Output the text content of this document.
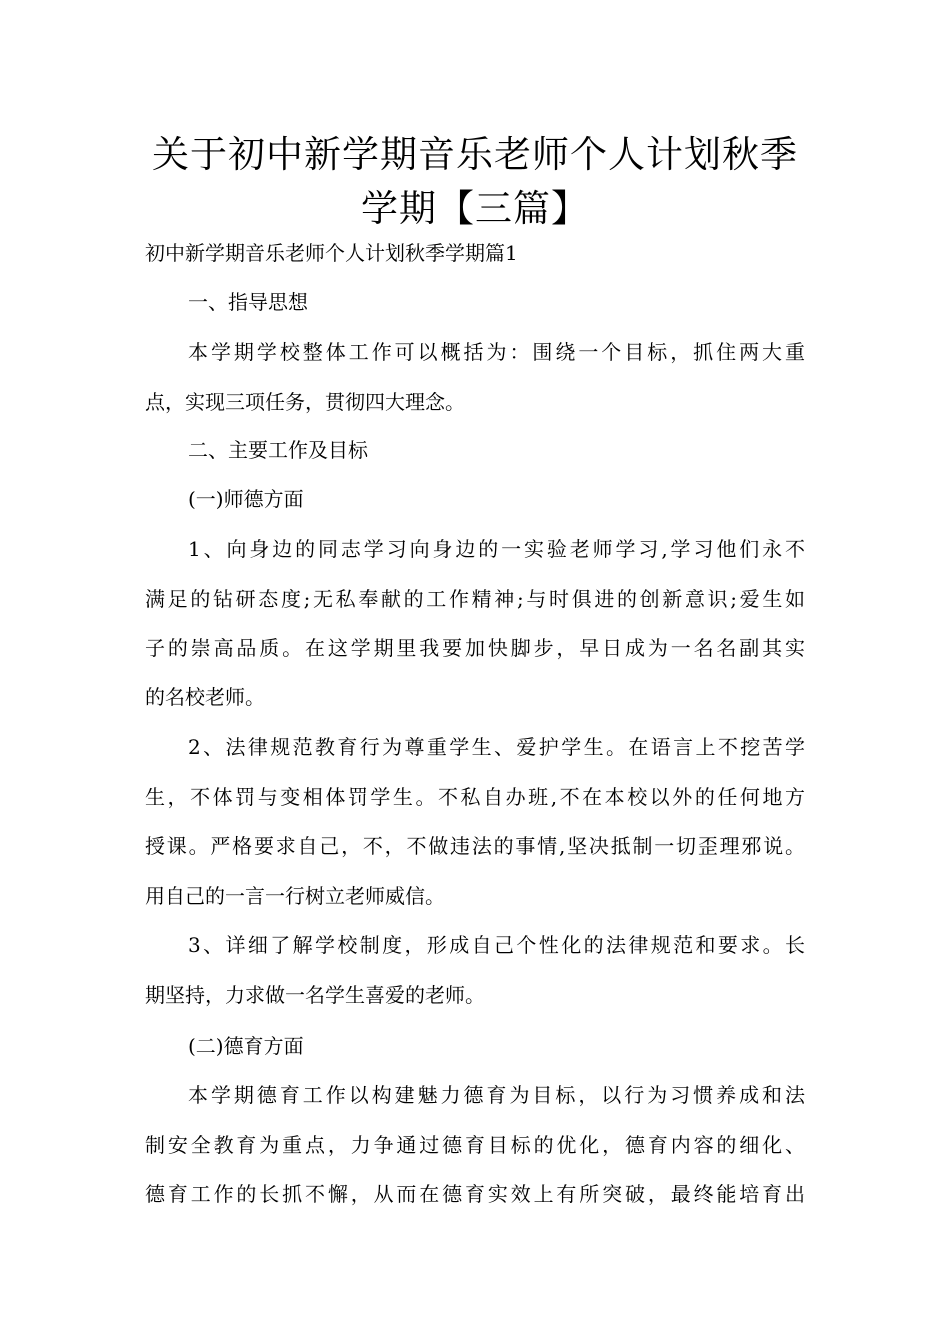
关于初中新学期音乐老师个人计划秋季
学期【三篇】

初中新学期音乐老师个人计划秋季学期篇1

一、指导思想

本学期学校整体工作可以概括为：围绕一个目标，抓住两大重

点，实现三项任务，贯彻四大理念。

二、主要工作及目标

(一)师德方面

1、向身边的同志学习向身边的一实验老师学习,学习他们永不

满足的钻研态度;无私奉献的工作精神;与时俱进的创新意识;爱生如

子的崇高品质。在这学期里我要加快脚步，早日成为一名名副其实

的名校老师。

2、法律规范教育行为尊重学生、爱护学生。在语言上不挖苦学

生，不体罚与变相体罚学生。不私自办班,不在本校以外的任何地方

授课。严格要求自己，不，不做违法的事情,坚决抵制一切歪理邪说。

用自己的一言一行树立老师威信。

3、详细了解学校制度，形成自己个性化的法律规范和要求。长

期坚持，力求做一名学生喜爱的老师。

(二)德育方面

本学期德育工作以构建魅力德育为目标，以行为习惯养成和法

制安全教育为重点，力争通过德育目标的优化，德育内容的细化、

德育工作的长抓不懈，从而在德育实效上有所突破，最终能培育出
